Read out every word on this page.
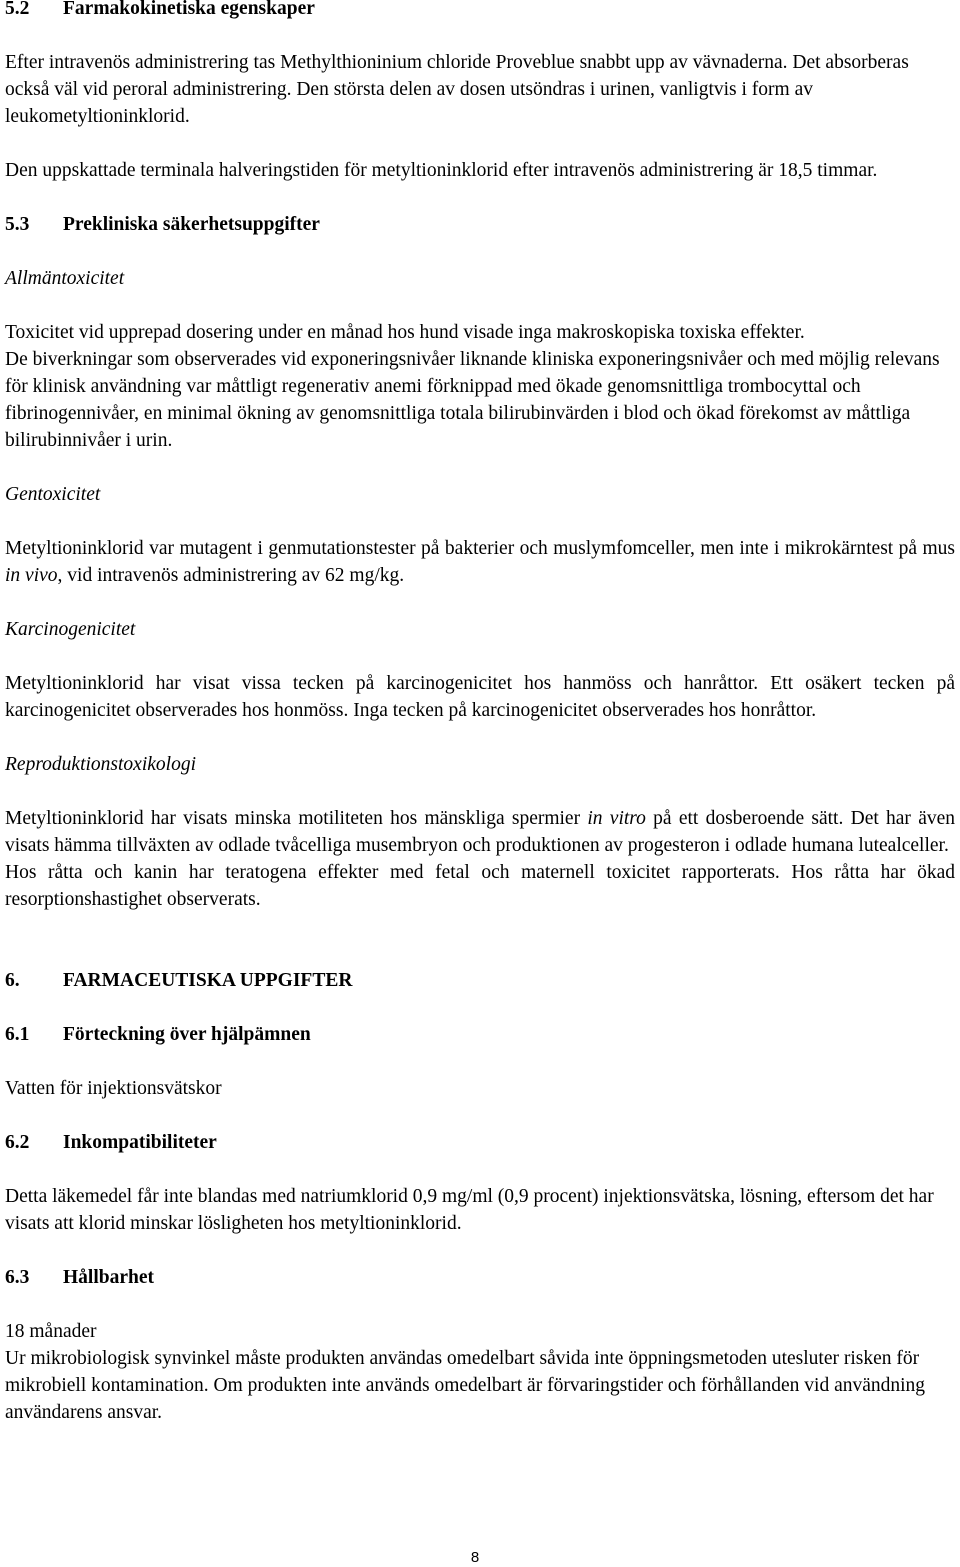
5.2	Farmakokinetiska egenskaper

Efter intravenös administrering tas Methylthioninium chloride Proveblue snabbt upp av vävnaderna. Det absorberas också väl vid peroral administrering. Den största delen av dosen utsöndras i urinen, vanligtvis i form av leukometyltioninklorid.

Den uppskattade terminala halveringstiden för metyltioninklorid efter intravenös administrering är 18,5 timmar.

5.3	Prekliniska säkerhetsuppgifter

Allmäntoxicitet

Toxicitet vid upprepad dosering under en månad hos hund visade inga makroskopiska toxiska effekter.

De biverkningar som observerades vid exponeringsnivåer liknande kliniska exponeringsnivåer och med möjlig relevans för klinisk användning var måttligt regenerativ anemi förknippad med ökade genomsnittliga trombocyttal och fibrinogennivåer, en minimal ökning av genomsnittliga totala bilirubinvärden i blod och ökad förekomst av måttliga bilirubinnivåer i urin.

Gentoxicitet

Metyltioninklorid var mutagent i genmutationstester på bakterier och muslymfomceller, men inte i mikrokärntest på mus in vivo, vid intravenös administrering av 62 mg/kg.

Karcinogenicitet

Metyltioninklorid har visat vissa tecken på karcinogenicitet hos hanmöss och hanråttor. Ett osäkert tecken på karcinogenicitet observerades hos honmöss. Inga tecken på karcinogenicitet observerades hos honråttor.

Reproduktionstoxikologi

Metyltioninklorid har visats minska motiliteten hos mänskliga spermier in vitro på ett dosberoende sätt. Det har även visats hämma tillväxten av odlade tvåcelliga musembryon och produktionen av progesteron i odlade humana lutealceller.

Hos råtta och kanin har teratogena effekter med fetal och maternell toxicitet rapporterats. Hos råtta har ökad resorptionshastighet observerats.

6.	FARMACEUTISKA UPPGIFTER
6.1	Förteckning över hjälpämnen

Vatten för injektionsvätskor

6.2	Inkompatibiliteter

Detta läkemedel får inte blandas med natriumklorid 0,9 mg/ml (0,9 procent) injektionsvätska, lösning, eftersom det har visats att klorid minskar lösligheten hos metyltioninklorid.

6.3	Hållbarhet

18 månader

Ur mikrobiologisk synvinkel måste produkten användas omedelbart såvida inte öppningsmetoden utesluter risken för mikrobiell kontamination. Om produkten inte används omedelbart är förvaringstider och förhållanden vid användning användarens ansvar.

8
